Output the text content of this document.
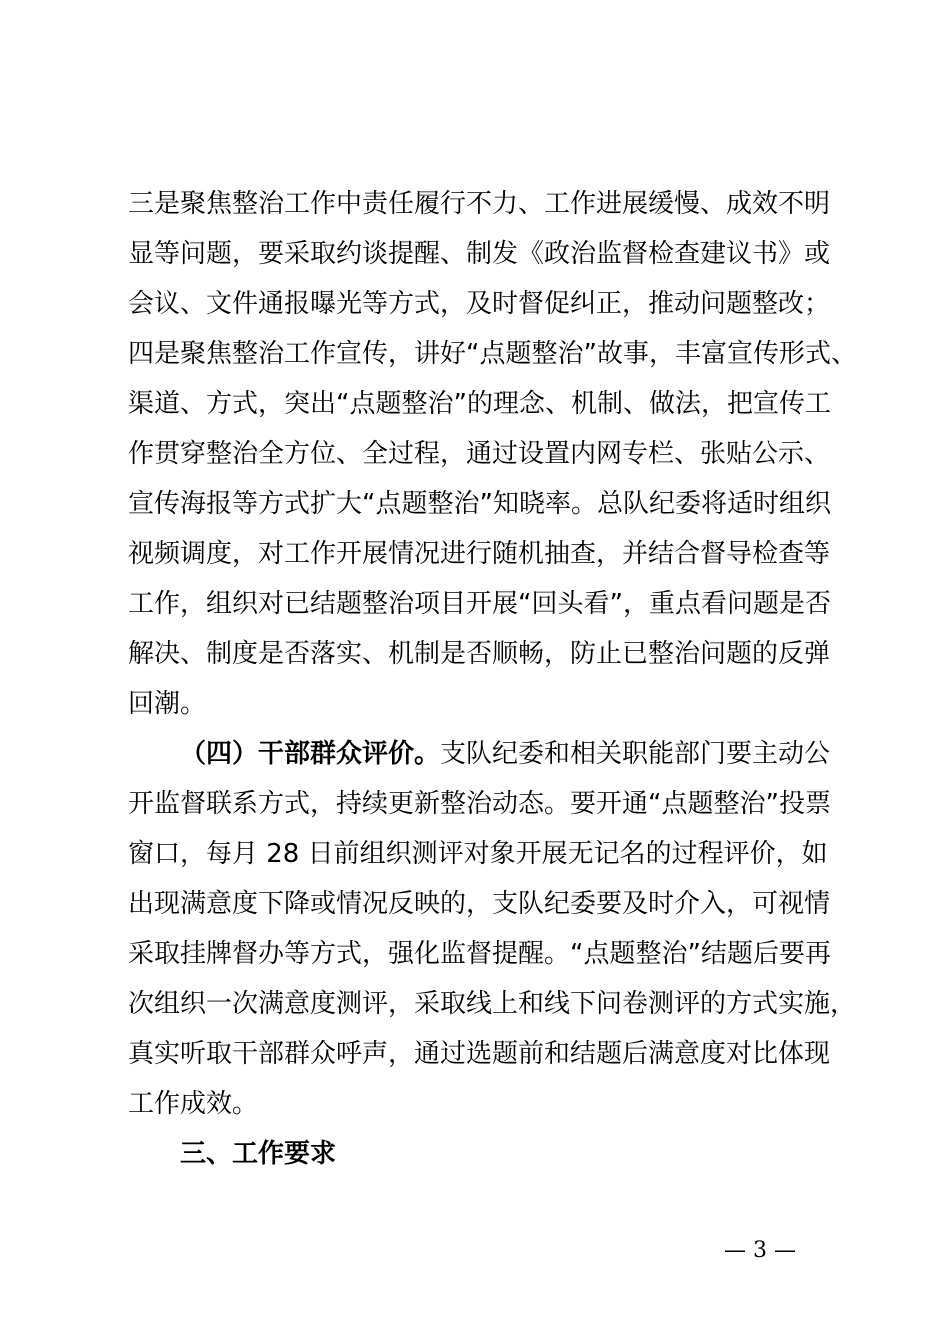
三是聚焦整治工作中责任履行不力、工作进展缓慢、成效不明
显等问题，要采取约谈提醒、制发《政治监督检查建议书》或
会议、文件通报曝光等方式，及时督促纠正，推动问题整改；
四是聚焦整治工作宣传，讲好“点题整治”故事，丰富宣传形式、
渠道、方式，突出“点题整治”的理念、机制、做法，把宣传工
作贯穿整治全方位、全过程，通过设置内网专栏、张贴公示、
宣传海报等方式扩大“点题整治”知晓率。总队纪委将适时组织
视频调度，对工作开展情况进行随机抽查，并结合督导检查等
工作，组织对已结题整治项目开展“回头看”，重点看问题是否
解决、制度是否落实、机制是否顺畅，防止已整治问题的反弹
回潮。
（四）干部群众评价。支队纪委和相关职能部门要主动公
开监督联系方式，持续更新整治动态。要开通“点题整治”投票
窗口，每月 28 日前组织测评对象开展无记名的过程评价，如
出现满意度下降或情况反映的，支队纪委要及时介入，可视情
采取挂牌督办等方式，强化监督提醒。“点题整治”结题后要再
次组织一次满意度测评，采取线上和线下问卷测评的方式实施，
真实听取干部群众呼声，通过选题前和结题后满意度对比体现
工作成效。
三、工作要求
— 3 —
